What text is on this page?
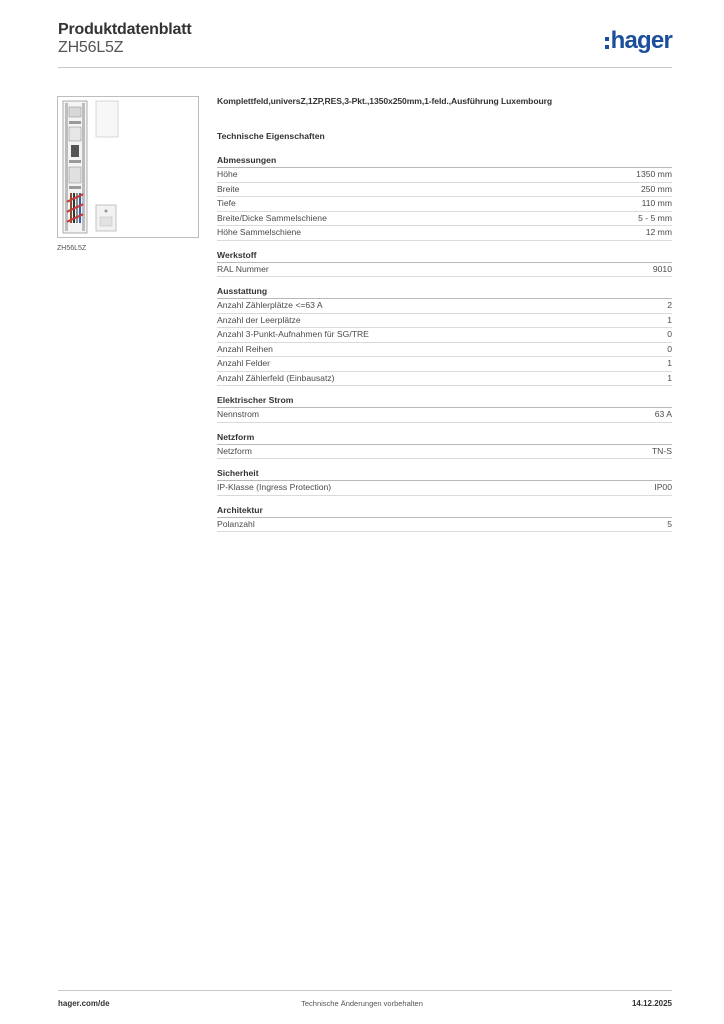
Produktdatenblatt
ZH56L5Z	hager
ZH56L5Z
Komplettfeld,universZ,1ZP,RES,3-Pkt.,1350x250mm,1-feld.,Ausführung Luxembourg
Technische Eigenschaften
Abmessungen
Höhe	1350 mm
Breite	250 mm
Tiefe	110 mm
Breite/Dicke Sammelschiene	5 - 5 mm
Höhe Sammelschiene	12 mm
Werkstoff
RAL Nummer	9010
Ausstattung
Anzahl Zählerplätze <=63 A	2
Anzahl der Leerplätze	1
Anzahl 3-Punkt-Aufnahmen für SG/TRE	0
Anzahl Reihen	0
Anzahl Felder	1
Anzahl Zählerfeld (Einbausatz)	1
Elektrischer Strom
Nennstrom	63 A
Netzform
Netzform	TN-S
Sicherheit
IP-Klasse (Ingress Protection)	IP00
Architektur
Polanzahl	5
hager.com/de	Technische Änderungen vorbehalten	14.12.2025
